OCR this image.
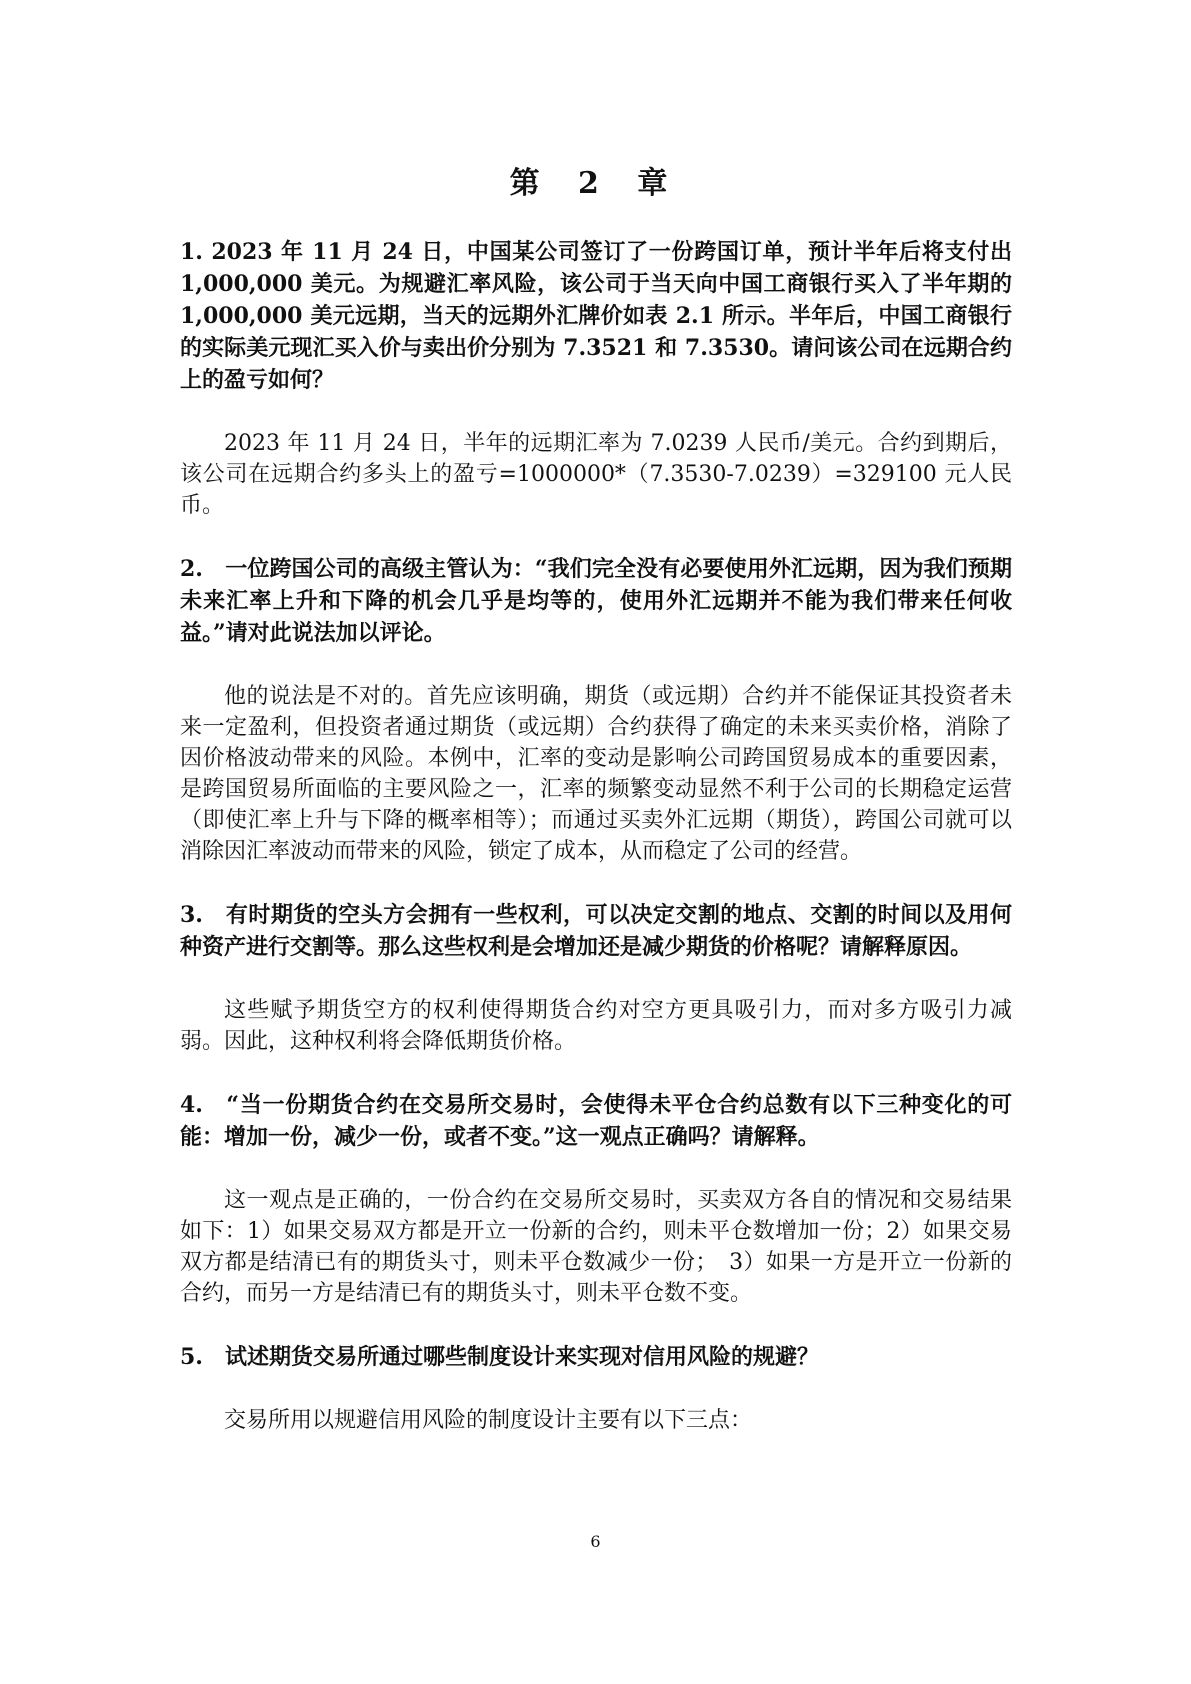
第 2 章

1. 2023 年 11 月 24 日，中国某公司签订了一份跨国订单，预计半年后将支付出 1,000,000 美元。为规避汇率风险，该公司于当天向中国工商银行买入了半年期的 1,000,000 美元远期，当天的远期外汇牌价如表 2.1 所示。半年后，中国工商银行的实际美元现汇买入价与卖出价分别为 7.3521 和 7.3530。请问该公司在远期合约上的盈亏如何？

2023 年 11 月 24 日，半年的远期汇率为 7.0239 人民币/美元。合约到期后，该公司在远期合约多头上的盈亏=1000000*（7.3530-7.0239）=329100 元人民币。

2.　一位跨国公司的高级主管认为：“我们完全没有必要使用外汇远期，因为我们预期未来汇率上升和下降的机会几乎是均等的，使用外汇远期并不能为我们带来任何收益。”请对此说法加以评论。

他的说法是不对的。首先应该明确，期货（或远期）合约并不能保证其投资者未来一定盈利，但投资者通过期货（或远期）合约获得了确定的未来买卖价格，消除了因价格波动带来的风险。本例中，汇率的变动是影响公司跨国贸易成本的重要因素，是跨国贸易所面临的主要风险之一，汇率的频繁变动显然不利于公司的长期稳定运营（即使汇率上升与下降的概率相等）；而通过买卖外汇远期（期货），跨国公司就可以消除因汇率波动而带来的风险，锁定了成本，从而稳定了公司的经营。

3.　有时期货的空头方会拥有一些权利，可以决定交割的地点、交割的时间以及用何种资产进行交割等。那么这些权利是会增加还是减少期货的价格呢？请解释原因。

这些赋予期货空方的权利使得期货合约对空方更具吸引力，而对多方吸引力减弱。因此，这种权利将会降低期货价格。

4.　“当一份期货合约在交易所交易时，会使得未平仓合约总数有以下三种变化的可能：增加一份，减少一份，或者不变。”这一观点正确吗？请解释。

这一观点是正确的，一份合约在交易所交易时，买卖双方各自的情况和交易结果如下：1）如果交易双方都是开立一份新的合约，则未平仓数增加一份；2）如果交易双方都是结清已有的期货头寸，则未平仓数减少一份；　3）如果一方是开立一份新的合约，而另一方是结清已有的期货头寸，则未平仓数不变。

5.　试述期货交易所通过哪些制度设计来实现对信用风险的规避？

交易所用以规避信用风险的制度设计主要有以下三点：

6
